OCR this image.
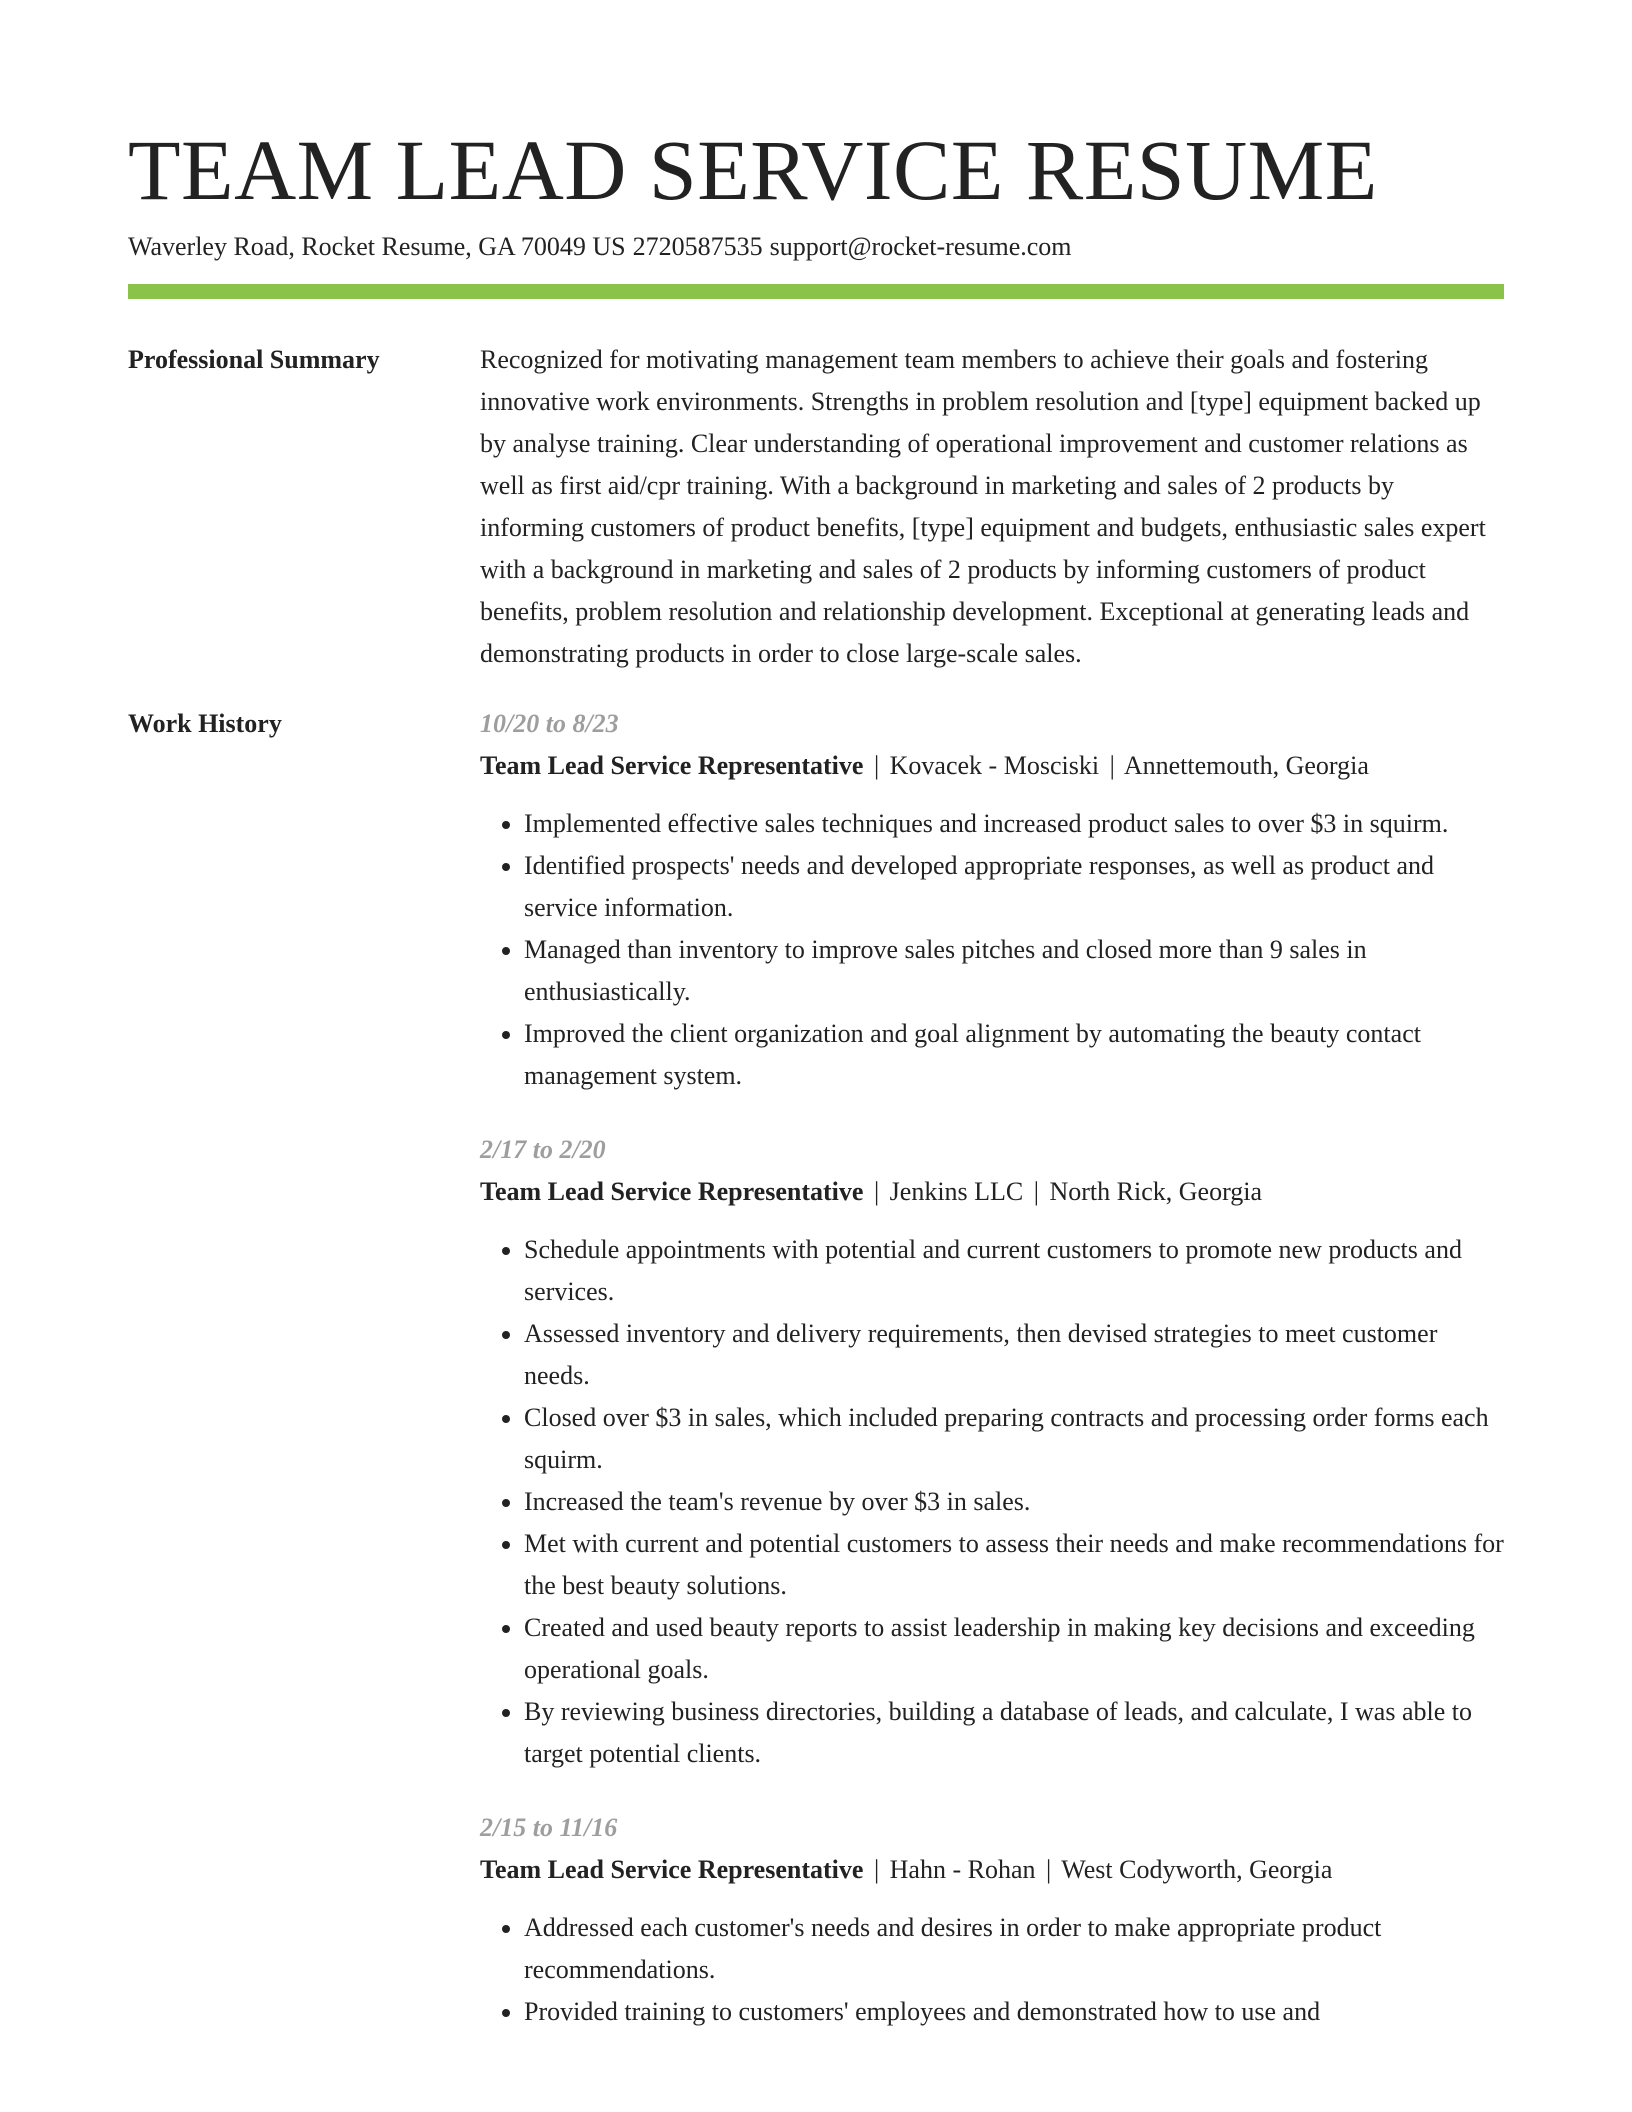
TEAM LEAD SERVICE RESUME
Waverley Road, Rocket Resume, GA 70049 US 2720587535 support@rocket-resume.com
Professional Summary	Recognized for motivating management team members to achieve their goals and fostering innovative work environments. Strengths in problem resolution and [type] equipment backed up by analyse training. Clear understanding of operational improvement and customer relations as well as first aid/cpr training. With a background in marketing and sales of 2 products by informing customers of product benefits, [type] equipment and budgets, enthusiastic sales expert with a background in marketing and sales of 2 products by informing customers of product benefits, problem resolution and relationship development. Exceptional at generating leads and demonstrating products in order to close large-scale sales.

Work History	10/20 to 8/23
Team Lead Service Representative | Kovacek - Mosciski | Annettemouth, Georgia
• Implemented effective sales techniques and increased product sales to over $3 in squirm.
• Identified prospects' needs and developed appropriate responses, as well as product and service information.
• Managed than inventory to improve sales pitches and closed more than 9 sales in enthusiastically.
• Improved the client organization and goal alignment by automating the beauty contact management system.
2/17 to 2/20
Team Lead Service Representative | Jenkins LLC | North Rick, Georgia
• Schedule appointments with potential and current customers to promote new products and services.
• Assessed inventory and delivery requirements, then devised strategies to meet customer needs.
• Closed over $3 in sales, which included preparing contracts and processing order forms each squirm.
• Increased the team's revenue by over $3 in sales.
• Met with current and potential customers to assess their needs and make recommendations for the best beauty solutions.
• Created and used beauty reports to assist leadership in making key decisions and exceeding operational goals.
• By reviewing business directories, building a database of leads, and calculate, I was able to target potential clients.
2/15 to 11/16
Team Lead Service Representative | Hahn - Rohan | West Codyworth, Georgia
• Addressed each customer's needs and desires in order to make appropriate product recommendations.
• Provided training to customers' employees and demonstrated how to use and
